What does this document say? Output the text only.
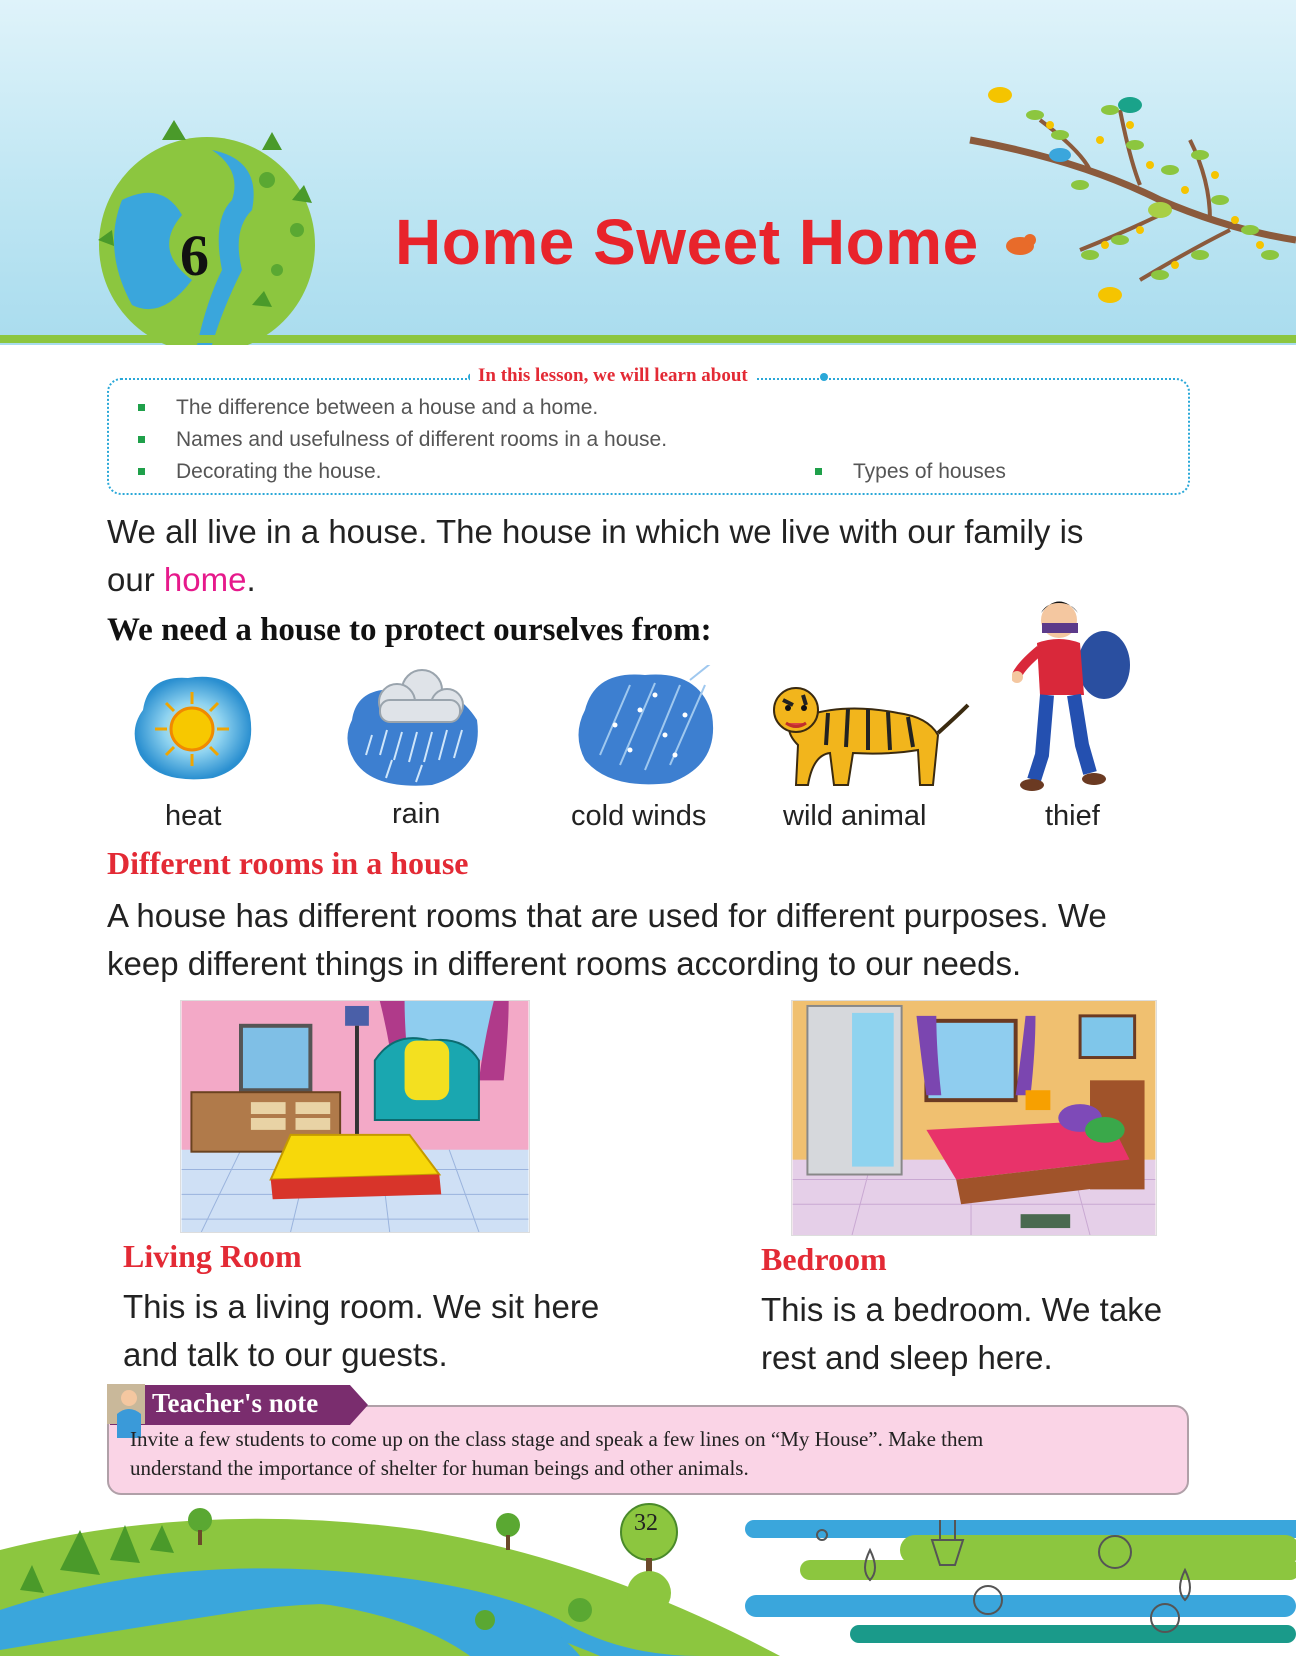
6	Home Sweet Home
In this lesson, we will learn about
The difference between a house and a home.
Names and usefulness of different rooms in a house.
Decorating the house.	Types of houses
We all live in a house. The house in which we live with our family is
our home.
We need a house to protect ourselves from:
heat	rain	cold winds	wild animal	thief
Different rooms in a house
A house has different rooms that are used for different purposes. We
keep different things in different rooms according to our needs.
Living Room
This is a living room. We sit here
and talk to our guests.
Bedroom
This is a bedroom. We take
rest and sleep here.
Teacher's note
Invite a few students to come up on the class stage and speak a few lines on “My House”. Make them
understand the importance of shelter for human beings and other animals.
32
